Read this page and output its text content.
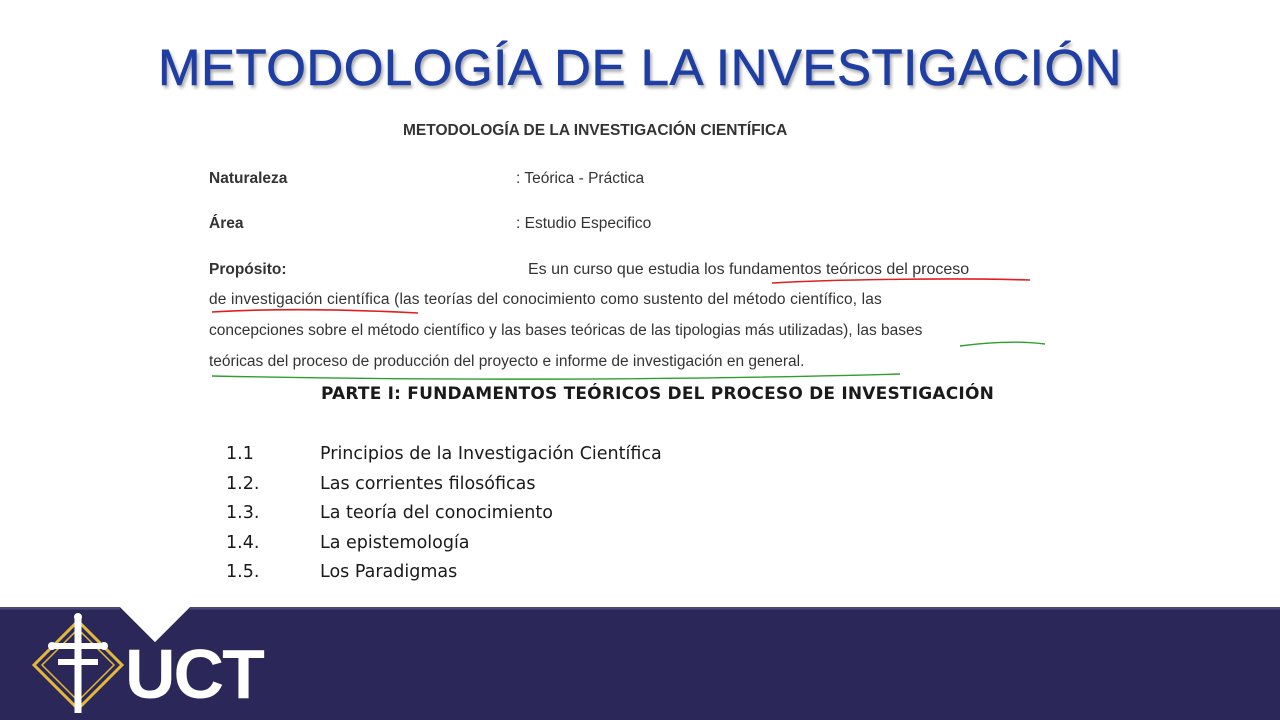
METODOLOGÍA DE LA INVESTIGACIÓN
METODOLOGÍA DE LA INVESTIGACIÓN CIENTÍFICA
Naturaleza	: Teórica - Práctica
Área	: Estudio Especifico
Propósito:	Es un curso que estudia los fundamentos teóricos del proceso
de investigación científica (las teorías del conocimiento como sustento del método científico, las
concepciones sobre el método científico y las bases teóricas de las tipologias más utilizadas), las bases
teóricas del proceso de producción del proyecto e informe de investigación en general.
PARTE I: FUNDAMENTOS TEÓRICOS DEL PROCESO DE INVESTIGACIÓN
1.1	Principios de la Investigación Científica
1.2.	Las corrientes filosóficas
1.3.	La teoría del conocimiento
1.4.	La epistemología
1.5.	Los Paradigmas
UCT
